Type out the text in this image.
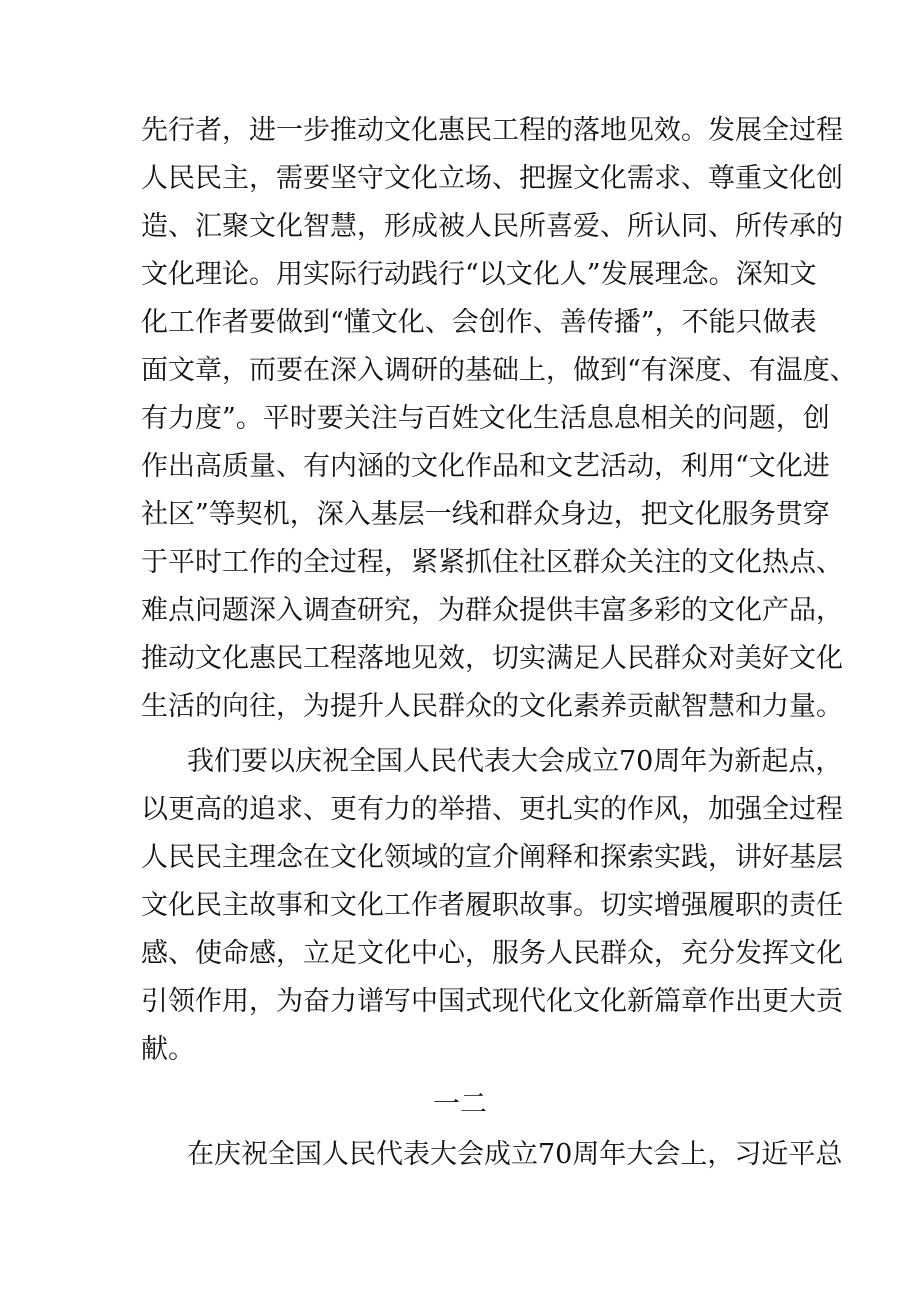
先行者，进一步推动文化惠民工程的落地见效。发展全过程
人民民主，需要坚守文化立场、把握文化需求、尊重文化创
造、汇聚文化智慧，形成被人民所喜爱、所认同、所传承的
文化理论。用实际行动践行“以文化人”发展理念。深知文
化工作者要做到“懂文化、会创作、善传播”，不能只做表
面文章，而要在深入调研的基础上，做到“有深度、有温度、
有力度”。平时要关注与百姓文化生活息息相关的问题，创
作出高质量、有内涵的文化作品和文艺活动，利用“文化进
社区”等契机，深入基层一线和群众身边，把文化服务贯穿
于平时工作的全过程，紧紧抓住社区群众关注的文化热点、
难点问题深入调查研究，为群众提供丰富多彩的文化产品，
推动文化惠民工程落地见效，切实满足人民群众对美好文化
生活的向往，为提升人民群众的文化素养贡献智慧和力量。
我们要以庆祝全国人民代表大会成立70周年为新起点，
以更高的追求、更有力的举措、更扎实的作风，加强全过程
人民民主理念在文化领域的宣介阐释和探索实践，讲好基层
文化民主故事和文化工作者履职故事。切实增强履职的责任
感、使命感，立足文化中心，服务人民群众，充分发挥文化
引领作用，为奋力谱写中国式现代化文化新篇章作出更大贡
献。
一二
在庆祝全国人民代表大会成立70周年大会上，习近平总
